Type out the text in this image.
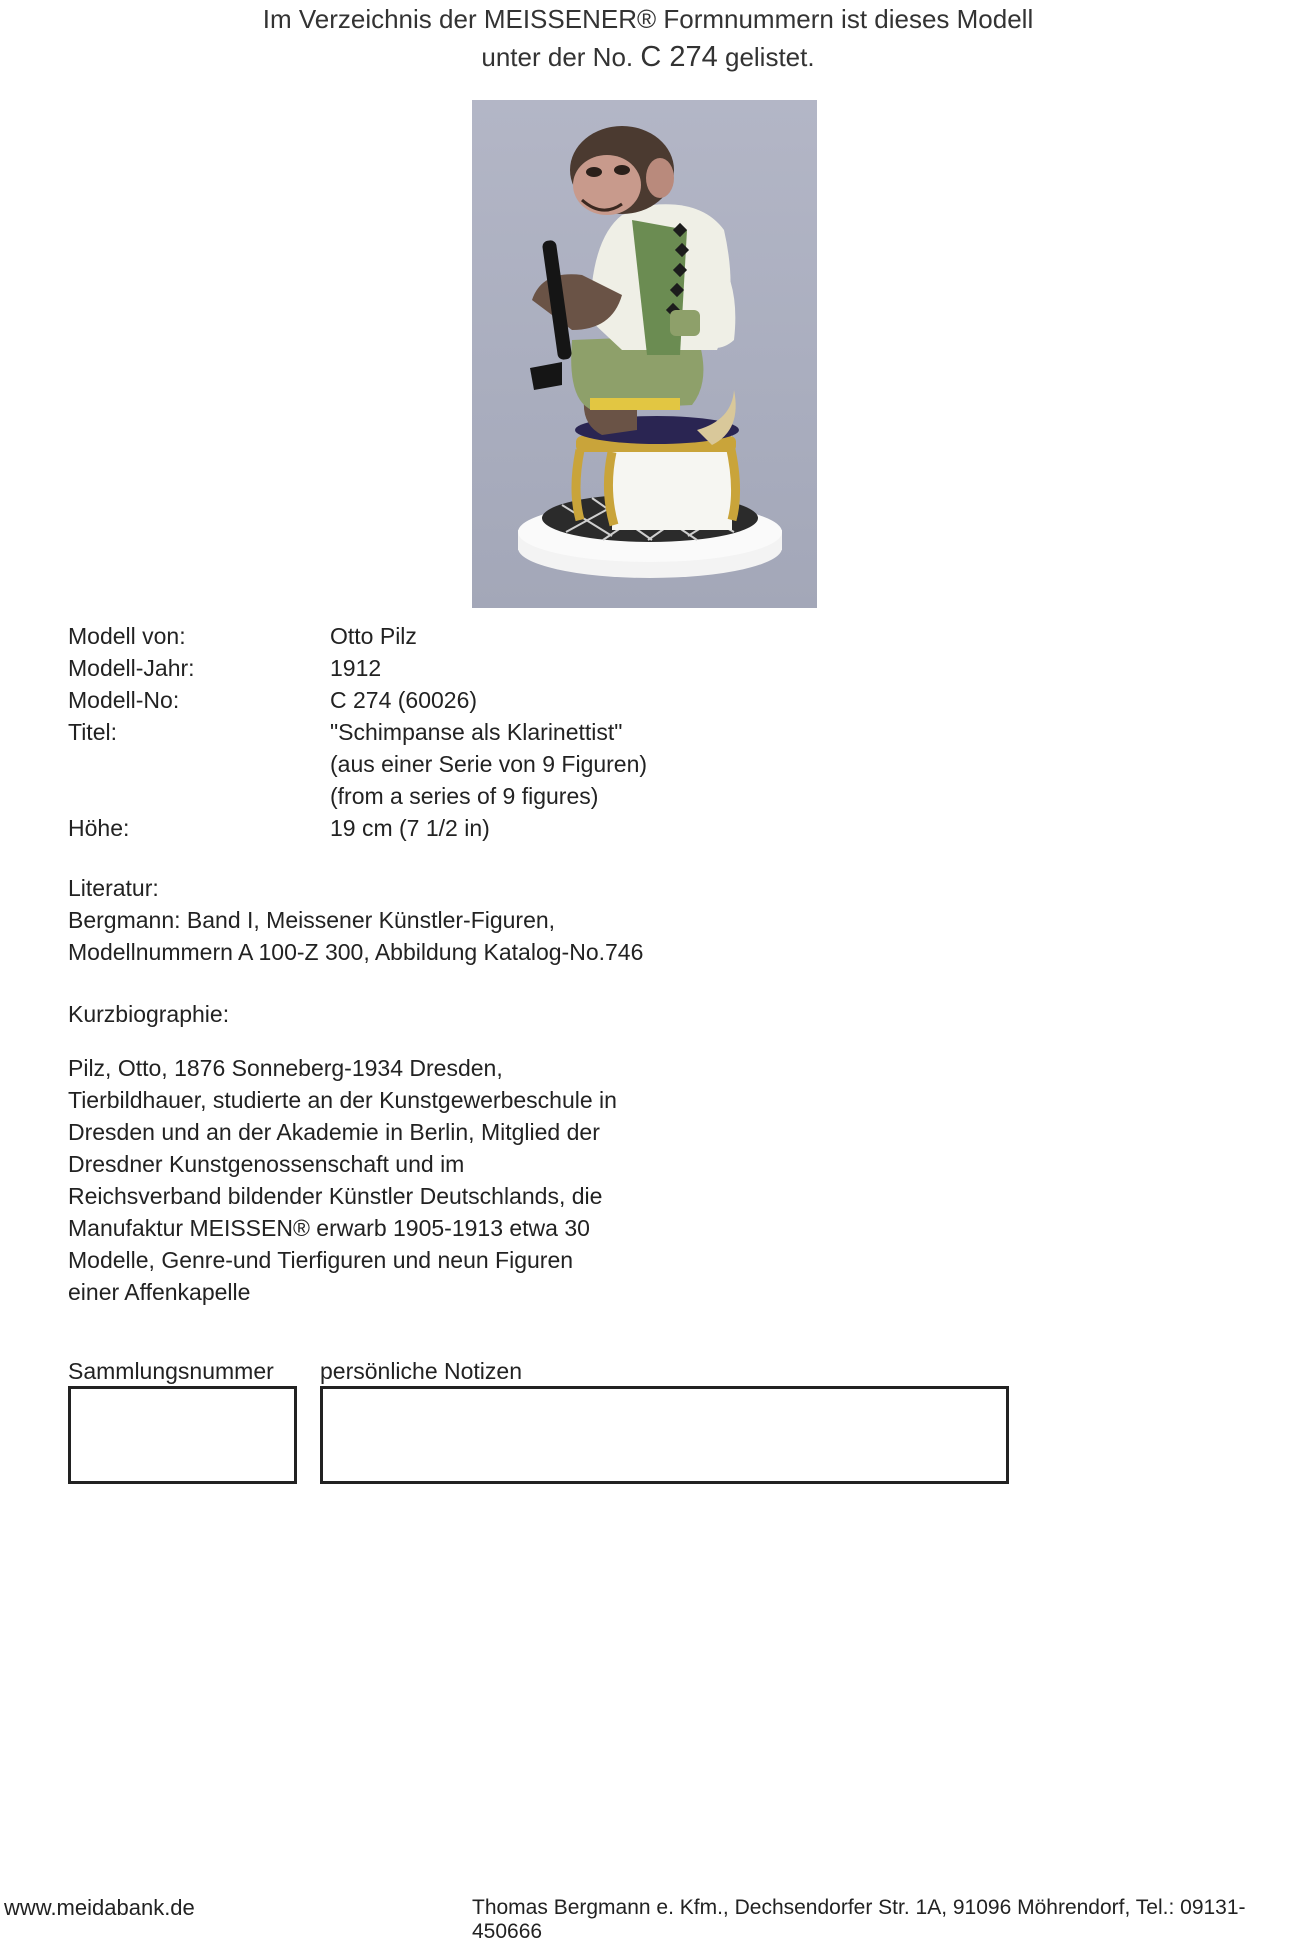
Im Verzeichnis der MEISSENER® Formnummern ist dieses Modell
unter der No. C 274 gelistet.
Modell von:	Otto Pilz
Modell-Jahr:	1912
Modell-No:	C 274 (60026)
Titel:	"Schimpanse als Klarinettist"
(aus einer Serie von 9 Figuren)
(from a series of 9 figures)
Höhe:	19 cm (7 1/2 in)
Literatur:
Bergmann: Band I, Meissener Künstler-Figuren,
Modellnummern A 100-Z 300, Abbildung Katalog-No.746
Kurzbiographie:
Pilz, Otto, 1876 Sonneberg-1934 Dresden,
Tierbildhauer, studierte an der Kunstgewerbeschule in
Dresden und an der Akademie in Berlin, Mitglied der
Dresdner Kunstgenossenschaft und im
Reichsverband bildender Künstler Deutschlands, die
Manufaktur MEISSEN® erwarb 1905-1913 etwa 30
Modelle, Genre-und Tierfiguren und neun Figuren
einer Affenkapelle
Sammlungsnummer persönliche Notizen
www.meidabank.de	Thomas Bergmann e. Kfm., Dechsendorfer Str. 1A, 91096 Möhrendorf, Tel.: 09131-450666
